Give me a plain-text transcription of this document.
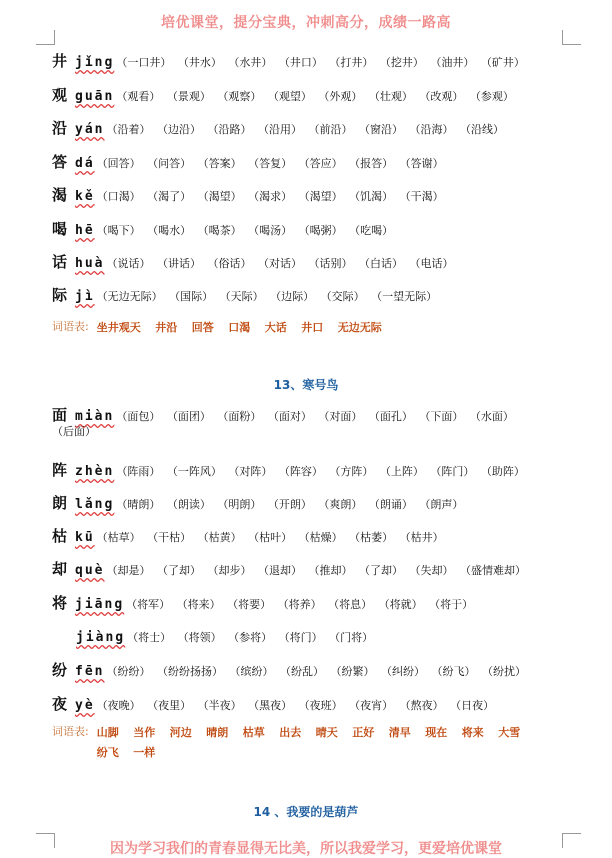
培优课堂，提分宝典，冲刺高分，成绩一路高
井 jǐng （一口井） （井水） （水井） （井口） （打井） （挖井） （油井） （矿井）
观 guān （观看） （景观） （观察） （观望） （外观） （壮观） （改观） （参观）
沿 yán （沿着） （边沿） （沿路） （沿用） （前沿） （窗沿） （沿海） （沿线）
答 dá （回答） （问答） （答案） （答复） （答应） （报答） （答谢）
渴 kě （口渴） （渴了） （渴望） （渴求） （渴望） （饥渴） （干渴）
喝 hē （喝下） （喝水） （喝茶） （喝汤） （喝粥） （吃喝）
话 huà （说话） （讲话） （俗话） （对话） （话别） （白话） （电话）
际 jì （无边无际） （国际） （天际） （边际） （交际） （一望无际）
词语表: 坐井观天 井沿 回答 口渴 大话 井口 无边无际
13、寒号鸟
面 miàn （面包） （面团） （面粉） （面对） （对面） （面孔） （下面） （水面） （后面）
阵 zhèn （阵雨） （一阵风） （对阵） （阵容） （方阵） （上阵） （阵门） （助阵）
朗 lǎng （晴朗） （朗读） （明朗） （开朗） （爽朗） （朗诵） （朗声）
枯 kū （枯草） （干枯） （枯黄） （枯叶） （枯燥） （枯萎） （枯井）
却 què （却是） （了却） （却步） （退却） （推却） （了却） （失却） （盛情难却）
将 jiāng （将军） （将来） （将要） （将养） （将息） （将就） （将于）
jiàng （将士） （将领） （参将） （将门） （门将）
纷 fēn （纷纷） （纷纷扬扬） （缤纷） （纷乱） （纷繁） （纠纷） （纷飞） （纷扰）
夜 yè （夜晚） （夜里） （半夜） （黑夜） （夜班） （夜宵） （熬夜） （日夜）
词语表: 山脚 当作 河边 晴朗 枯草 出去 晴天 正好 清早 现在 将来 大雪纷飞 一样
14 、我要的是葫芦
因为学习我们的青春显得无比美，所以我爱学习，更爱培优课堂
